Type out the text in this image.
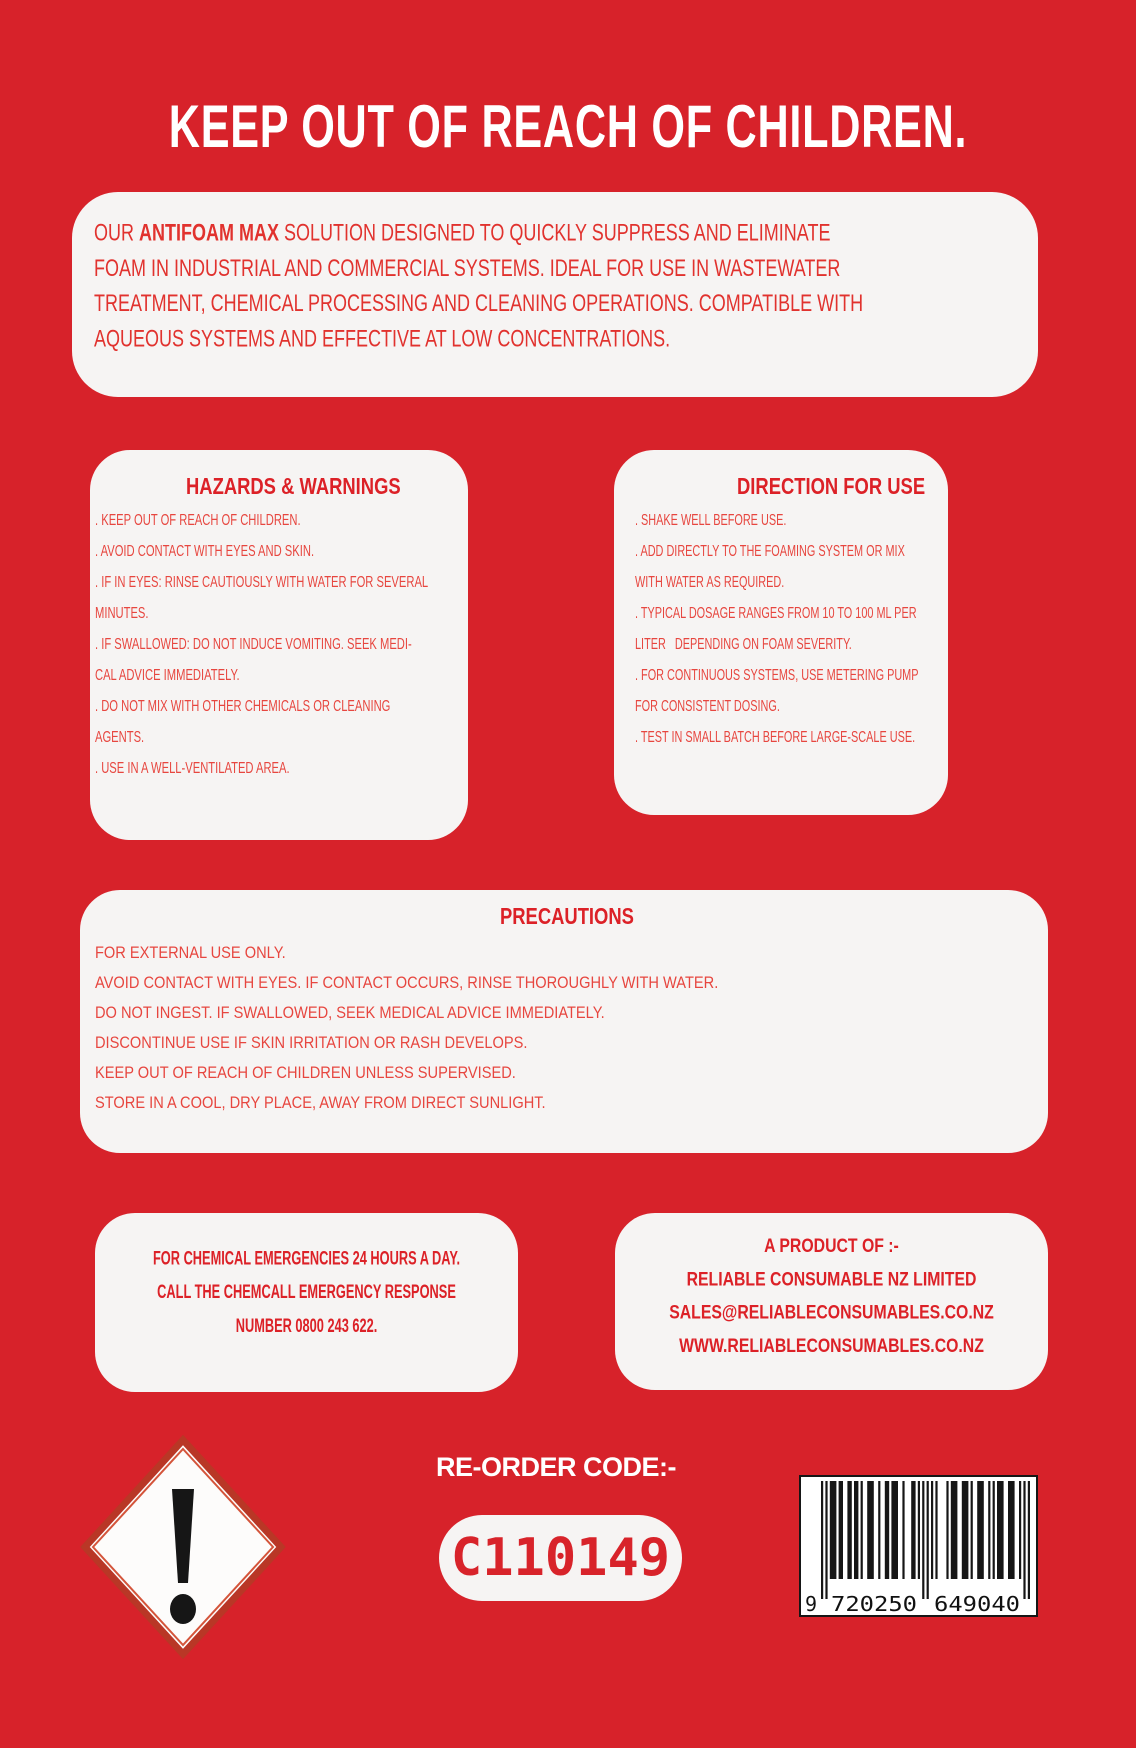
KEEP OUT OF REACH OF CHILDREN.
OUR ANTIFOAM MAX SOLUTION DESIGNED TO QUICKLY SUPPRESS AND ELIMINATE
FOAM IN INDUSTRIAL AND COMMERCIAL SYSTEMS. IDEAL FOR USE IN WASTEWATER
TREATMENT, CHEMICAL PROCESSING AND CLEANING OPERATIONS. COMPATIBLE WITH
AQUEOUS SYSTEMS AND EFFECTIVE AT LOW CONCENTRATIONS.
HAZARDS & WARNINGS
. KEEP OUT OF REACH OF CHILDREN.
. AVOID CONTACT WITH EYES AND SKIN.
. IF IN EYES: RINSE CAUTIOUSLY WITH WATER FOR SEVERAL
MINUTES.
. IF SWALLOWED: DO NOT INDUCE VOMITING. SEEK MEDI-
CAL ADVICE IMMEDIATELY.
. DO NOT MIX WITH OTHER CHEMICALS OR CLEANING
AGENTS.
. USE IN A WELL-VENTILATED AREA.
DIRECTION FOR USE
. SHAKE WELL BEFORE USE.
. ADD DIRECTLY TO THE FOAMING SYSTEM OR MIX
WITH WATER AS REQUIRED.
. TYPICAL DOSAGE RANGES FROM 10 TO 100 ML PER
LITER   DEPENDING ON FOAM SEVERITY.
. FOR CONTINUOUS SYSTEMS, USE METERING PUMP
FOR CONSISTENT DOSING.
. TEST IN SMALL BATCH BEFORE LARGE-SCALE USE.
PRECAUTIONS
FOR EXTERNAL USE ONLY.
AVOID CONTACT WITH EYES. IF CONTACT OCCURS, RINSE THOROUGHLY WITH WATER.
DO NOT INGEST. IF SWALLOWED, SEEK MEDICAL ADVICE IMMEDIATELY.
DISCONTINUE USE IF SKIN IRRITATION OR RASH DEVELOPS.
KEEP OUT OF REACH OF CHILDREN UNLESS SUPERVISED.
STORE IN A COOL, DRY PLACE, AWAY FROM DIRECT SUNLIGHT.
FOR CHEMICAL EMERGENCIES 24 HOURS A DAY.
CALL THE CHEMCALL EMERGENCY RESPONSE
NUMBER 0800 243 622.
A PRODUCT OF :-
RELIABLE CONSUMABLE NZ LIMITED
SALES@RELIABLECONSUMABLES.CO.NZ
WWW.RELIABLECONSUMABLES.CO.NZ
RE-ORDER CODE:-
C110149
9 720250 649040
